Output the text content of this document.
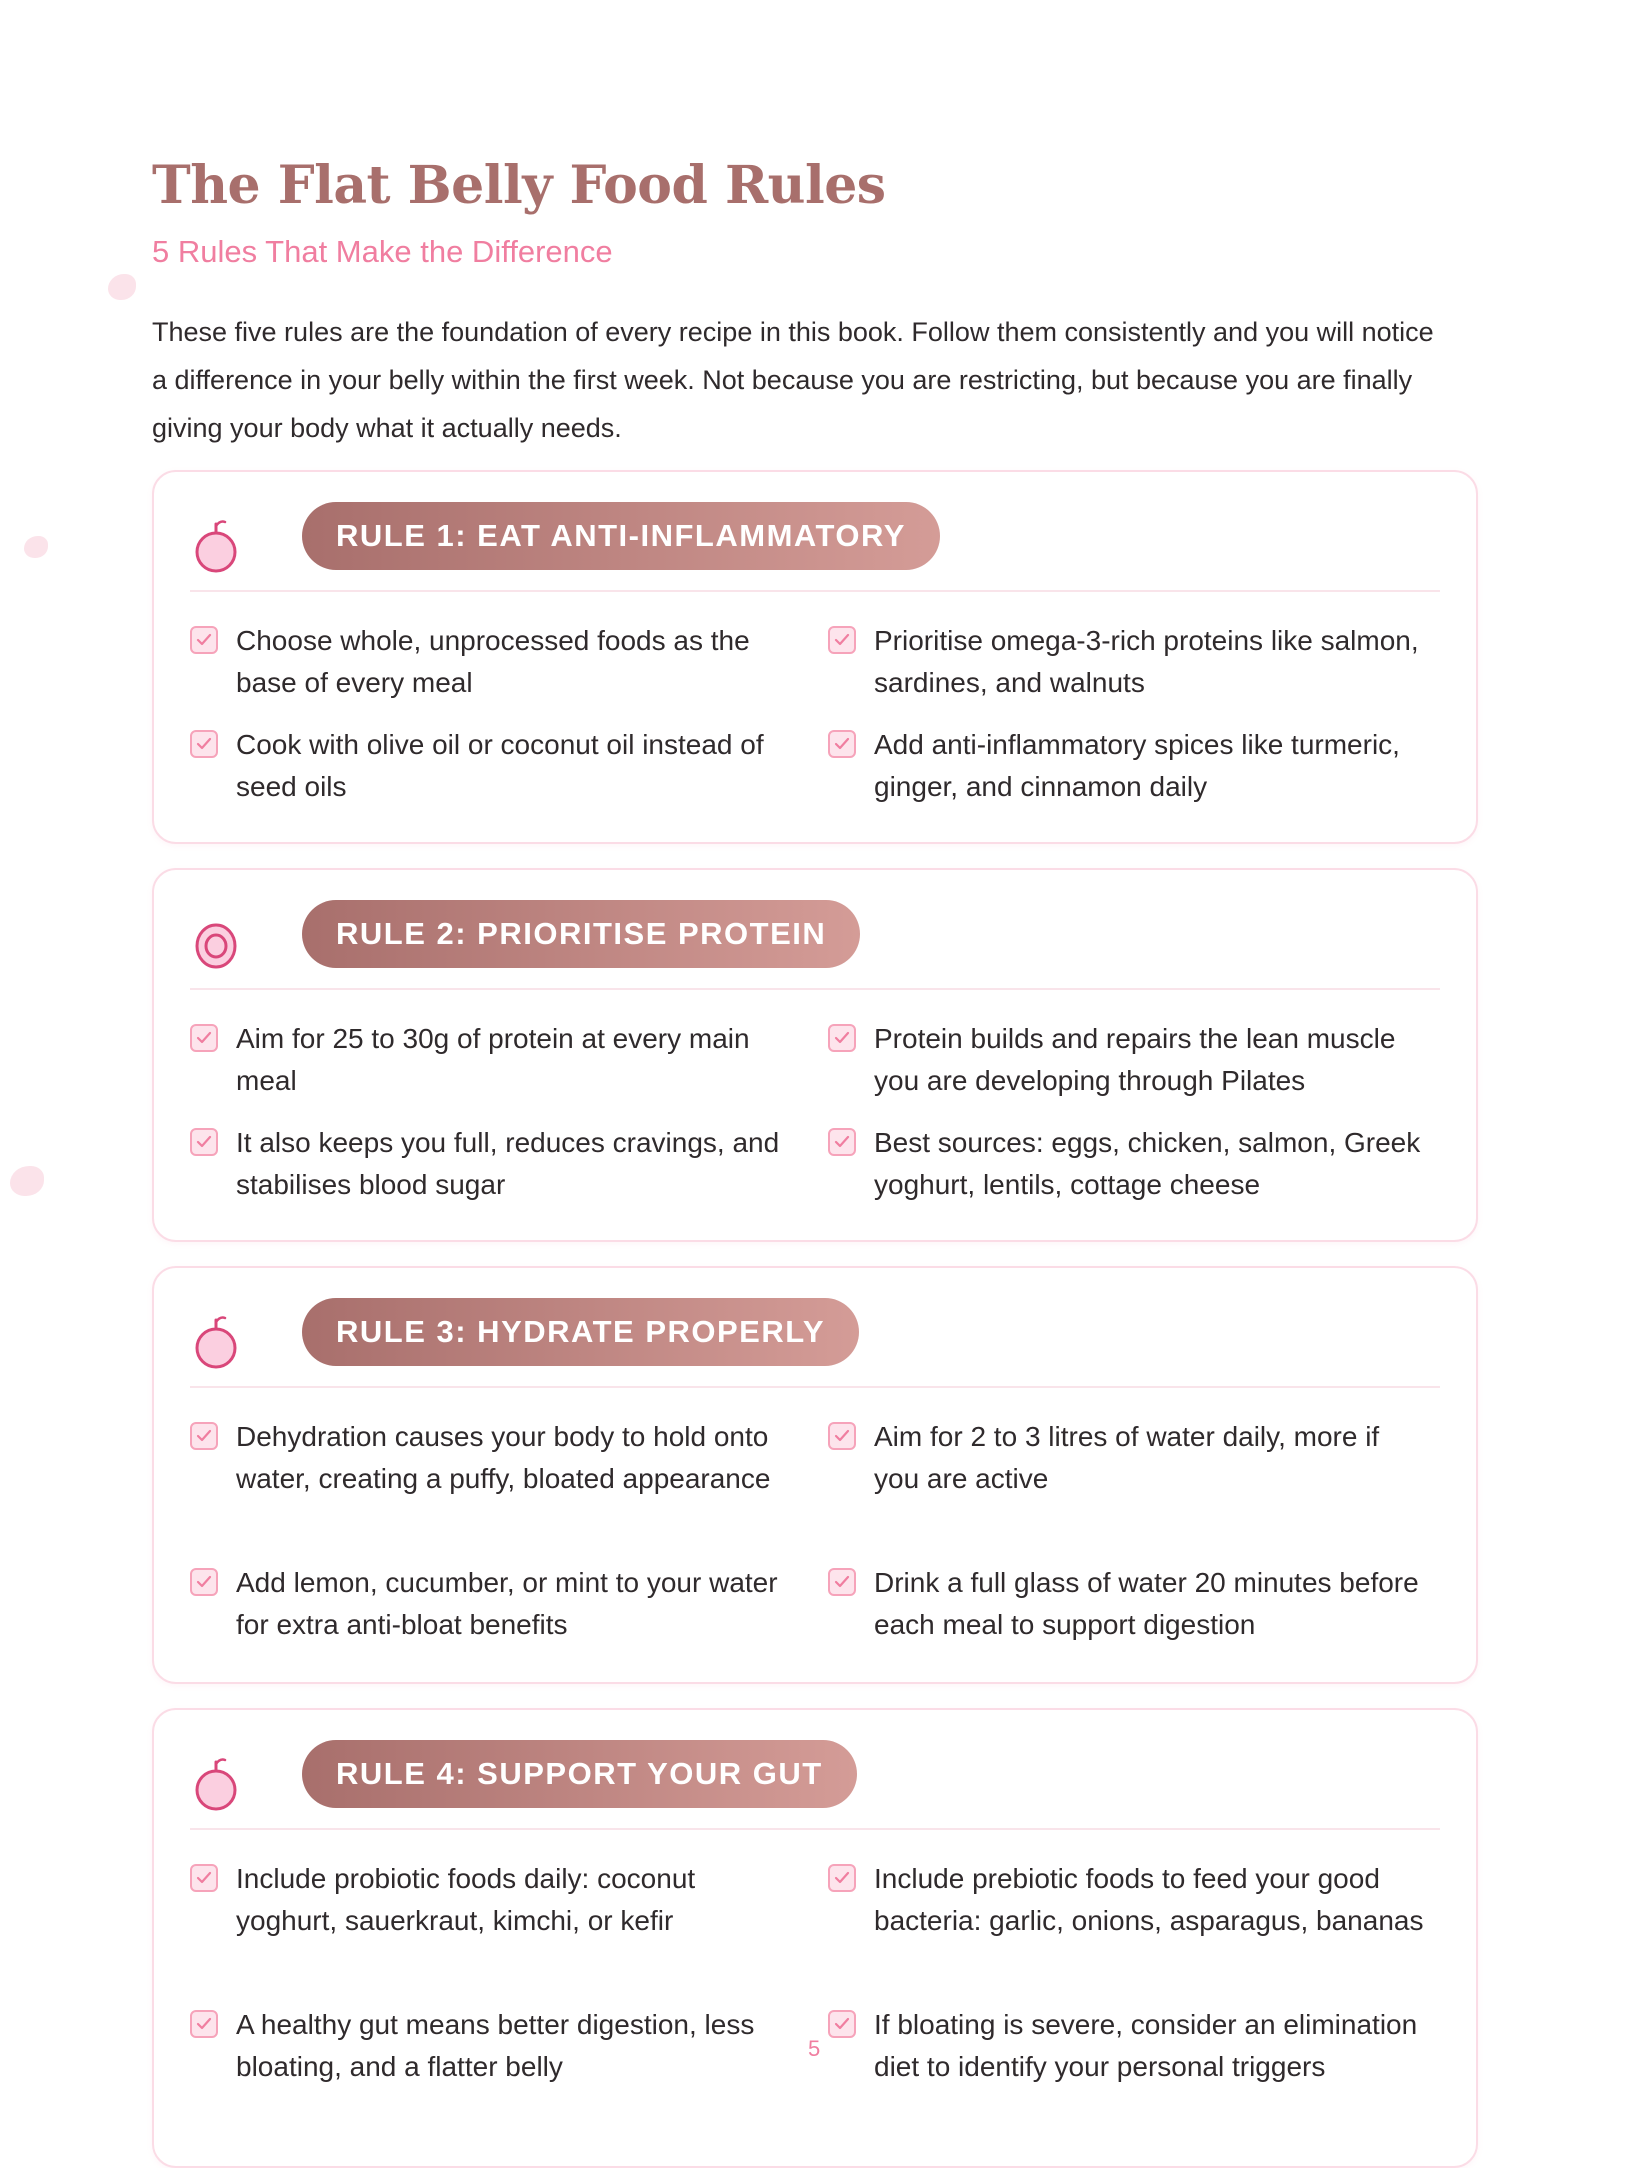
The Flat Belly Food Rules
5 Rules That Make the Difference
These five rules are the foundation of every recipe in this book. Follow them consistently and you will notice a difference in your belly within the first week. Not because you are restricting, but because you are finally giving your body what it actually needs.
RULE 1: EAT ANTI-INFLAMMATORY
Choose whole, unprocessed foods as the base of every meal
Prioritise omega-3-rich proteins like salmon, sardines, and walnuts
Cook with olive oil or coconut oil instead of seed oils
Add anti-inflammatory spices like turmeric, ginger, and cinnamon daily
RULE 2: PRIORITISE PROTEIN
Aim for 25 to 30g of protein at every main meal
Protein builds and repairs the lean muscle you are developing through Pilates
It also keeps you full, reduces cravings, and stabilises blood sugar
Best sources: eggs, chicken, salmon, Greek yoghurt, lentils, cottage cheese
RULE 3: HYDRATE PROPERLY
Dehydration causes your body to hold onto water, creating a puffy, bloated appearance
Aim for 2 to 3 litres of water daily, more if you are active
Add lemon, cucumber, or mint to your water for extra anti-bloat benefits
Drink a full glass of water 20 minutes before each meal to support digestion
RULE 4: SUPPORT YOUR GUT
Include probiotic foods daily: coconut yoghurt, sauerkraut, kimchi, or kefir
Include prebiotic foods to feed your good bacteria: garlic, onions, asparagus, bananas
A healthy gut means better digestion, less bloating, and a flatter belly
If bloating is severe, consider an elimination diet to identify your personal triggers
5
